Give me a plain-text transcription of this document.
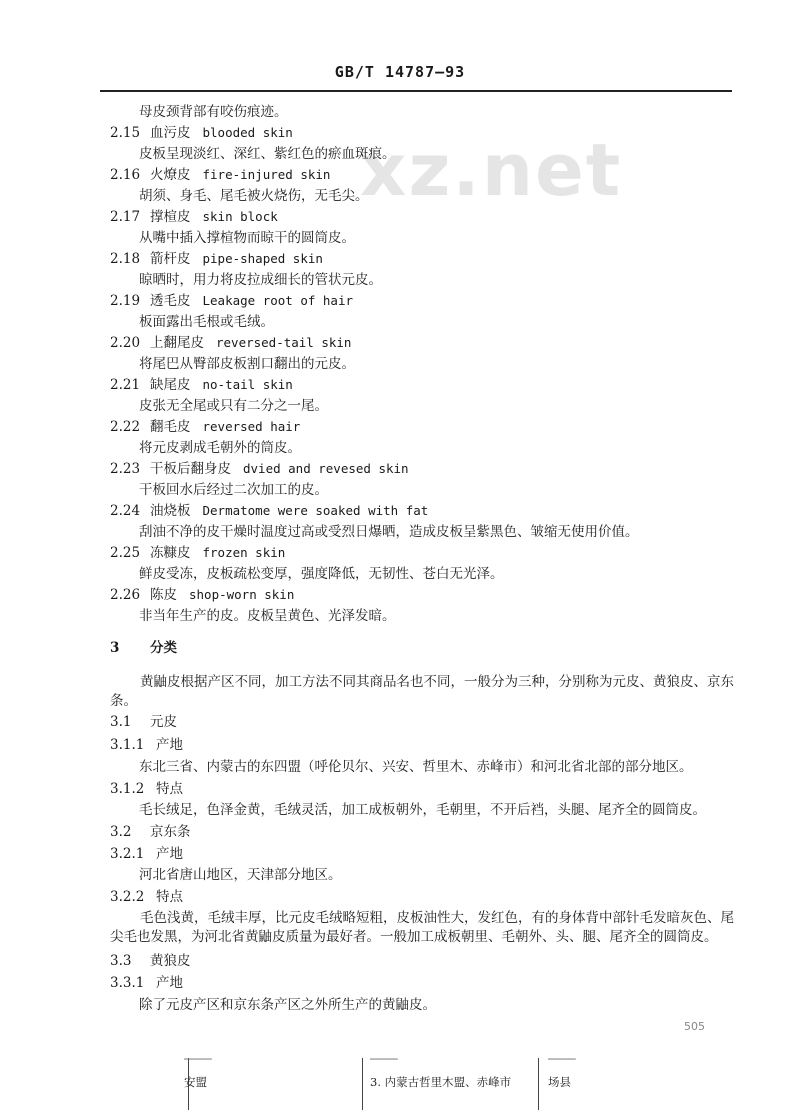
GB/T 14787—93
xz.net
母皮颈背部有咬伤痕迹。
2.15 血污皮 blooded skin
皮板呈现淡红、深红、紫红色的瘀血斑痕。
2.16 火燎皮 fire-injured skin
胡须、身毛、尾毛被火烧伤，无毛尖。
2.17 撑楦皮 skin block
从嘴中插入撑楦物而晾干的圆筒皮。
2.18 箭杆皮 pipe-shaped skin
晾晒时，用力将皮拉成细长的管状元皮。
2.19 透毛皮 Leakage root of hair
板面露出毛根或毛绒。
2.20 上翻尾皮 reversed-tail skin
将尾巴从臀部皮板割口翻出的元皮。
2.21 缺尾皮 no-tail skin
皮张无全尾或只有二分之一尾。
2.22 翻毛皮 reversed hair
将元皮剥成毛朝外的筒皮。
2.23 干板后翻身皮 dvied and revesed skin
干板回水后经过二次加工的皮。
2.24 油烧板 Dermatome were soaked with fat
刮油不净的皮干燥时温度过高或受烈日爆晒，造成皮板呈紫黑色、皱缩无使用价值。
2.25 冻糠皮 frozen skin
鲜皮受冻，皮板疏松变厚，强度降低，无韧性、苍白无光泽。
2.26 陈皮 shop-worn skin
非当年生产的皮。皮板呈黄色、光泽发暗。
3 分类
黄鼬皮根据产区不同，加工方法不同其商品名也不同，一般分为三种，分别称为元皮、黄狼皮、京东条。
3.1 元皮
3.1.1 产地
东北三省、内蒙古的东四盟（呼伦贝尔、兴安、哲里木、赤峰市）和河北省北部的部分地区。
3.1.2 特点
毛长绒足，色泽金黄，毛绒灵活，加工成板朝外，毛朝里，不开后裆，头腿、尾齐全的圆筒皮。
3.2 京东条
3.2.1 产地
河北省唐山地区，天津部分地区。
3.2.2 特点
毛色浅黄，毛绒丰厚，比元皮毛绒略短粗，皮板油性大，发红色，有的身体背中部针毛发暗灰色、尾尖毛也发黑，为河北省黄鼬皮质量为最好者。一般加工成板朝里、毛朝外、头、腿、尾齐全的圆筒皮。
3.3 黄狼皮
3.3.1 产地
除了元皮产区和京东条产区之外所生产的黄鼬皮。
505
────
安盟
────
3. 内蒙古哲里木盟、赤峰市
────
场县
